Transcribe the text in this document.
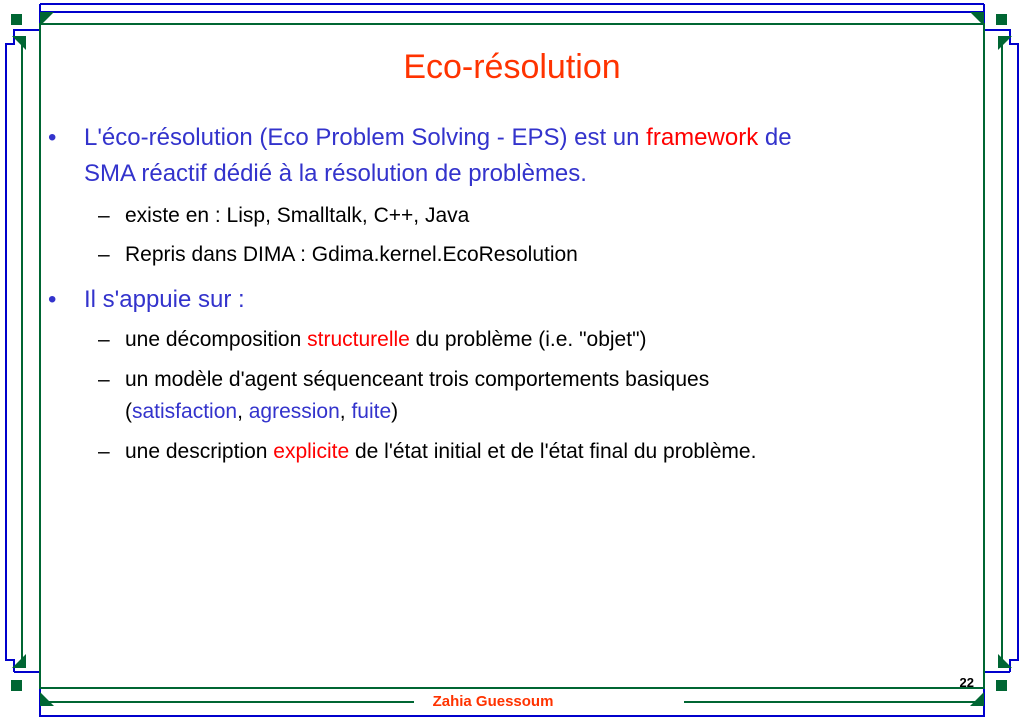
Eco-résolution
•	L'éco-résolution (Eco Problem Solving - EPS) est un framework de
SMA réactif dédié à la résolution de problèmes.
– existe en : Lisp, Smalltalk, C++, Java
– Repris dans DIMA : Gdima.kernel.EcoResolution
•	Il s'appuie sur :
– une décomposition structurelle du problème (i.e. "objet")
– un modèle d'agent séquenceant trois comportements basiques
(satisfaction, agression, fuite)
– une description explicite de l'état initial et de l'état final du problème.
22
Zahia Guessoum
